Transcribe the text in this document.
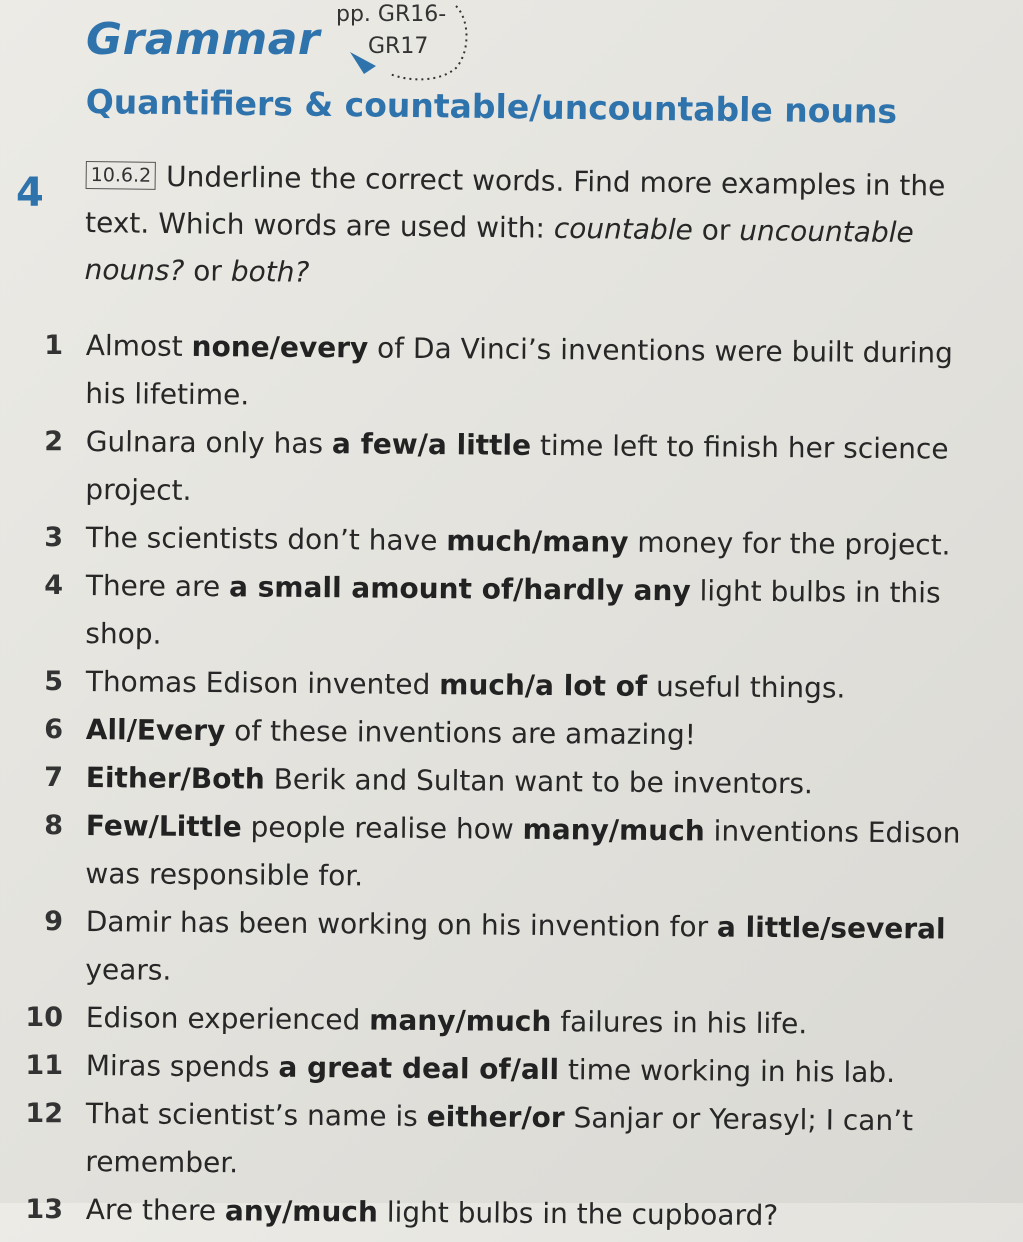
Grammar pp. GR16-
GR17
Quantifiers & countable/uncountable nouns
4	10.6.2 Underline the correct words. Find more examples in the text. Which words are used with: countable or uncountable nouns? or both?
1 Almost none/every of Da Vinci’s inventions were built during his lifetime.
2 Gulnara only has a few/a little time left to finish her science project.
3 The scientists don’t have much/many money for the project.
4 There are a small amount of/hardly any light bulbs in this shop.
5 Thomas Edison invented much/a lot of useful things.
6 All/Every of these inventions are amazing!
7 Either/Both Berik and Sultan want to be inventors.
8 Few/Little people realise how many/much inventions Edison was responsible for.
9 Damir has been working on his invention for a little/several years.
10 Edison experienced many/much failures in his life.
11 Miras spends a great deal of/all time working in his lab.
12 That scientist’s name is either/or Sanjar or Yerasyl; I can’t remember.
13 Are there any/much light bulbs in the cupboard?
